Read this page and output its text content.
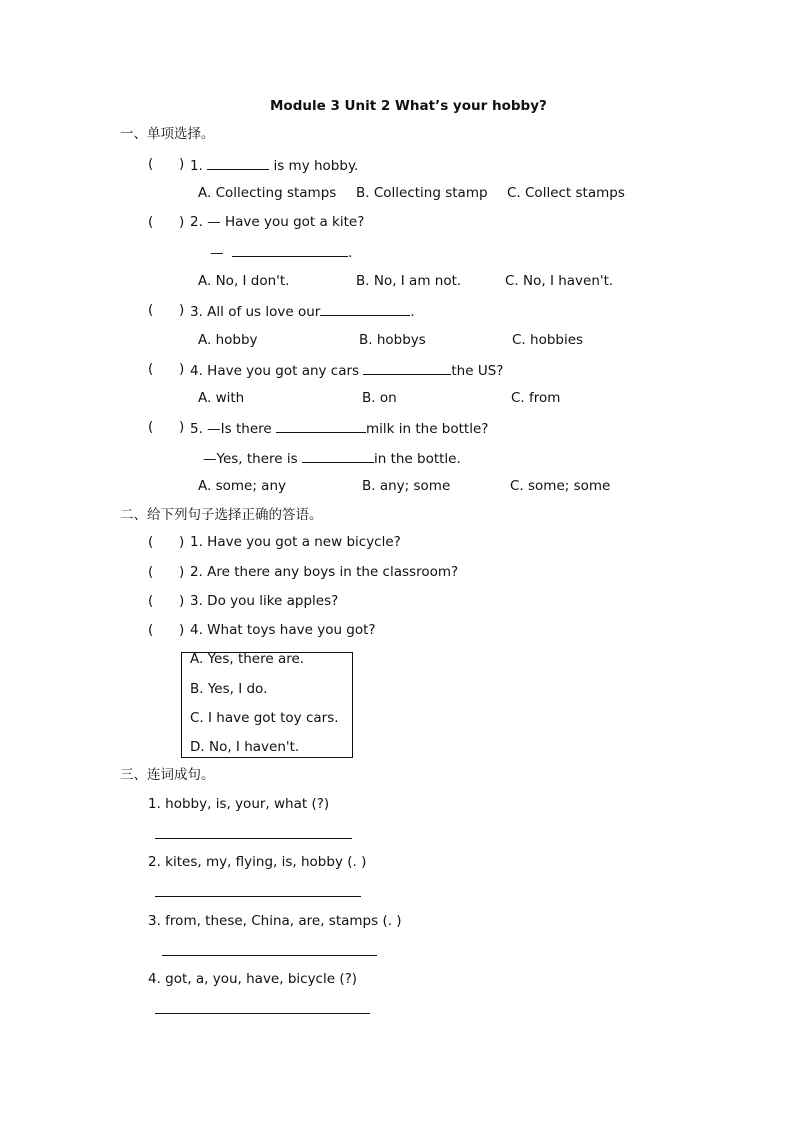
Module 3 Unit 2 What’s your hobby?
一、单项选择。
(      ) 1.	is my hobby.
A. Collecting stamps B. Collecting stamp C. Collect stamps
(      ) 2. — Have you got a kite?
—	.
A. No, I don't.	B. No, I am not.	C. No, I haven't.
(      ) 3. All of us love our	.
A. hobby	B. hobbys	C. hobbies
(      ) 4. Have you got any cars	the US?
A. with	B. on	C. from
(      ) 5. —Is there	milk in the bottle?
—Yes, there is	in the bottle.
A. some; any	B. any; some	C. some; some
二、给下列句子选择正确的答语。
(      ) 1. Have you got a new bicycle?
(      ) 2. Are there any boys in the classroom?
(      ) 3. Do you like apples?
(      ) 4. What toys have you got?
A. Yes, there are.
B. Yes, I do.
C. I have got toy cars.
D. No, I haven't.
三、连词成句。
1. hobby, is, your, what (?)
2. kites, my, flying, is, hobby (. )
3. from, these, China, are, stamps (. )
4. got, a, you, have, bicycle (?)
